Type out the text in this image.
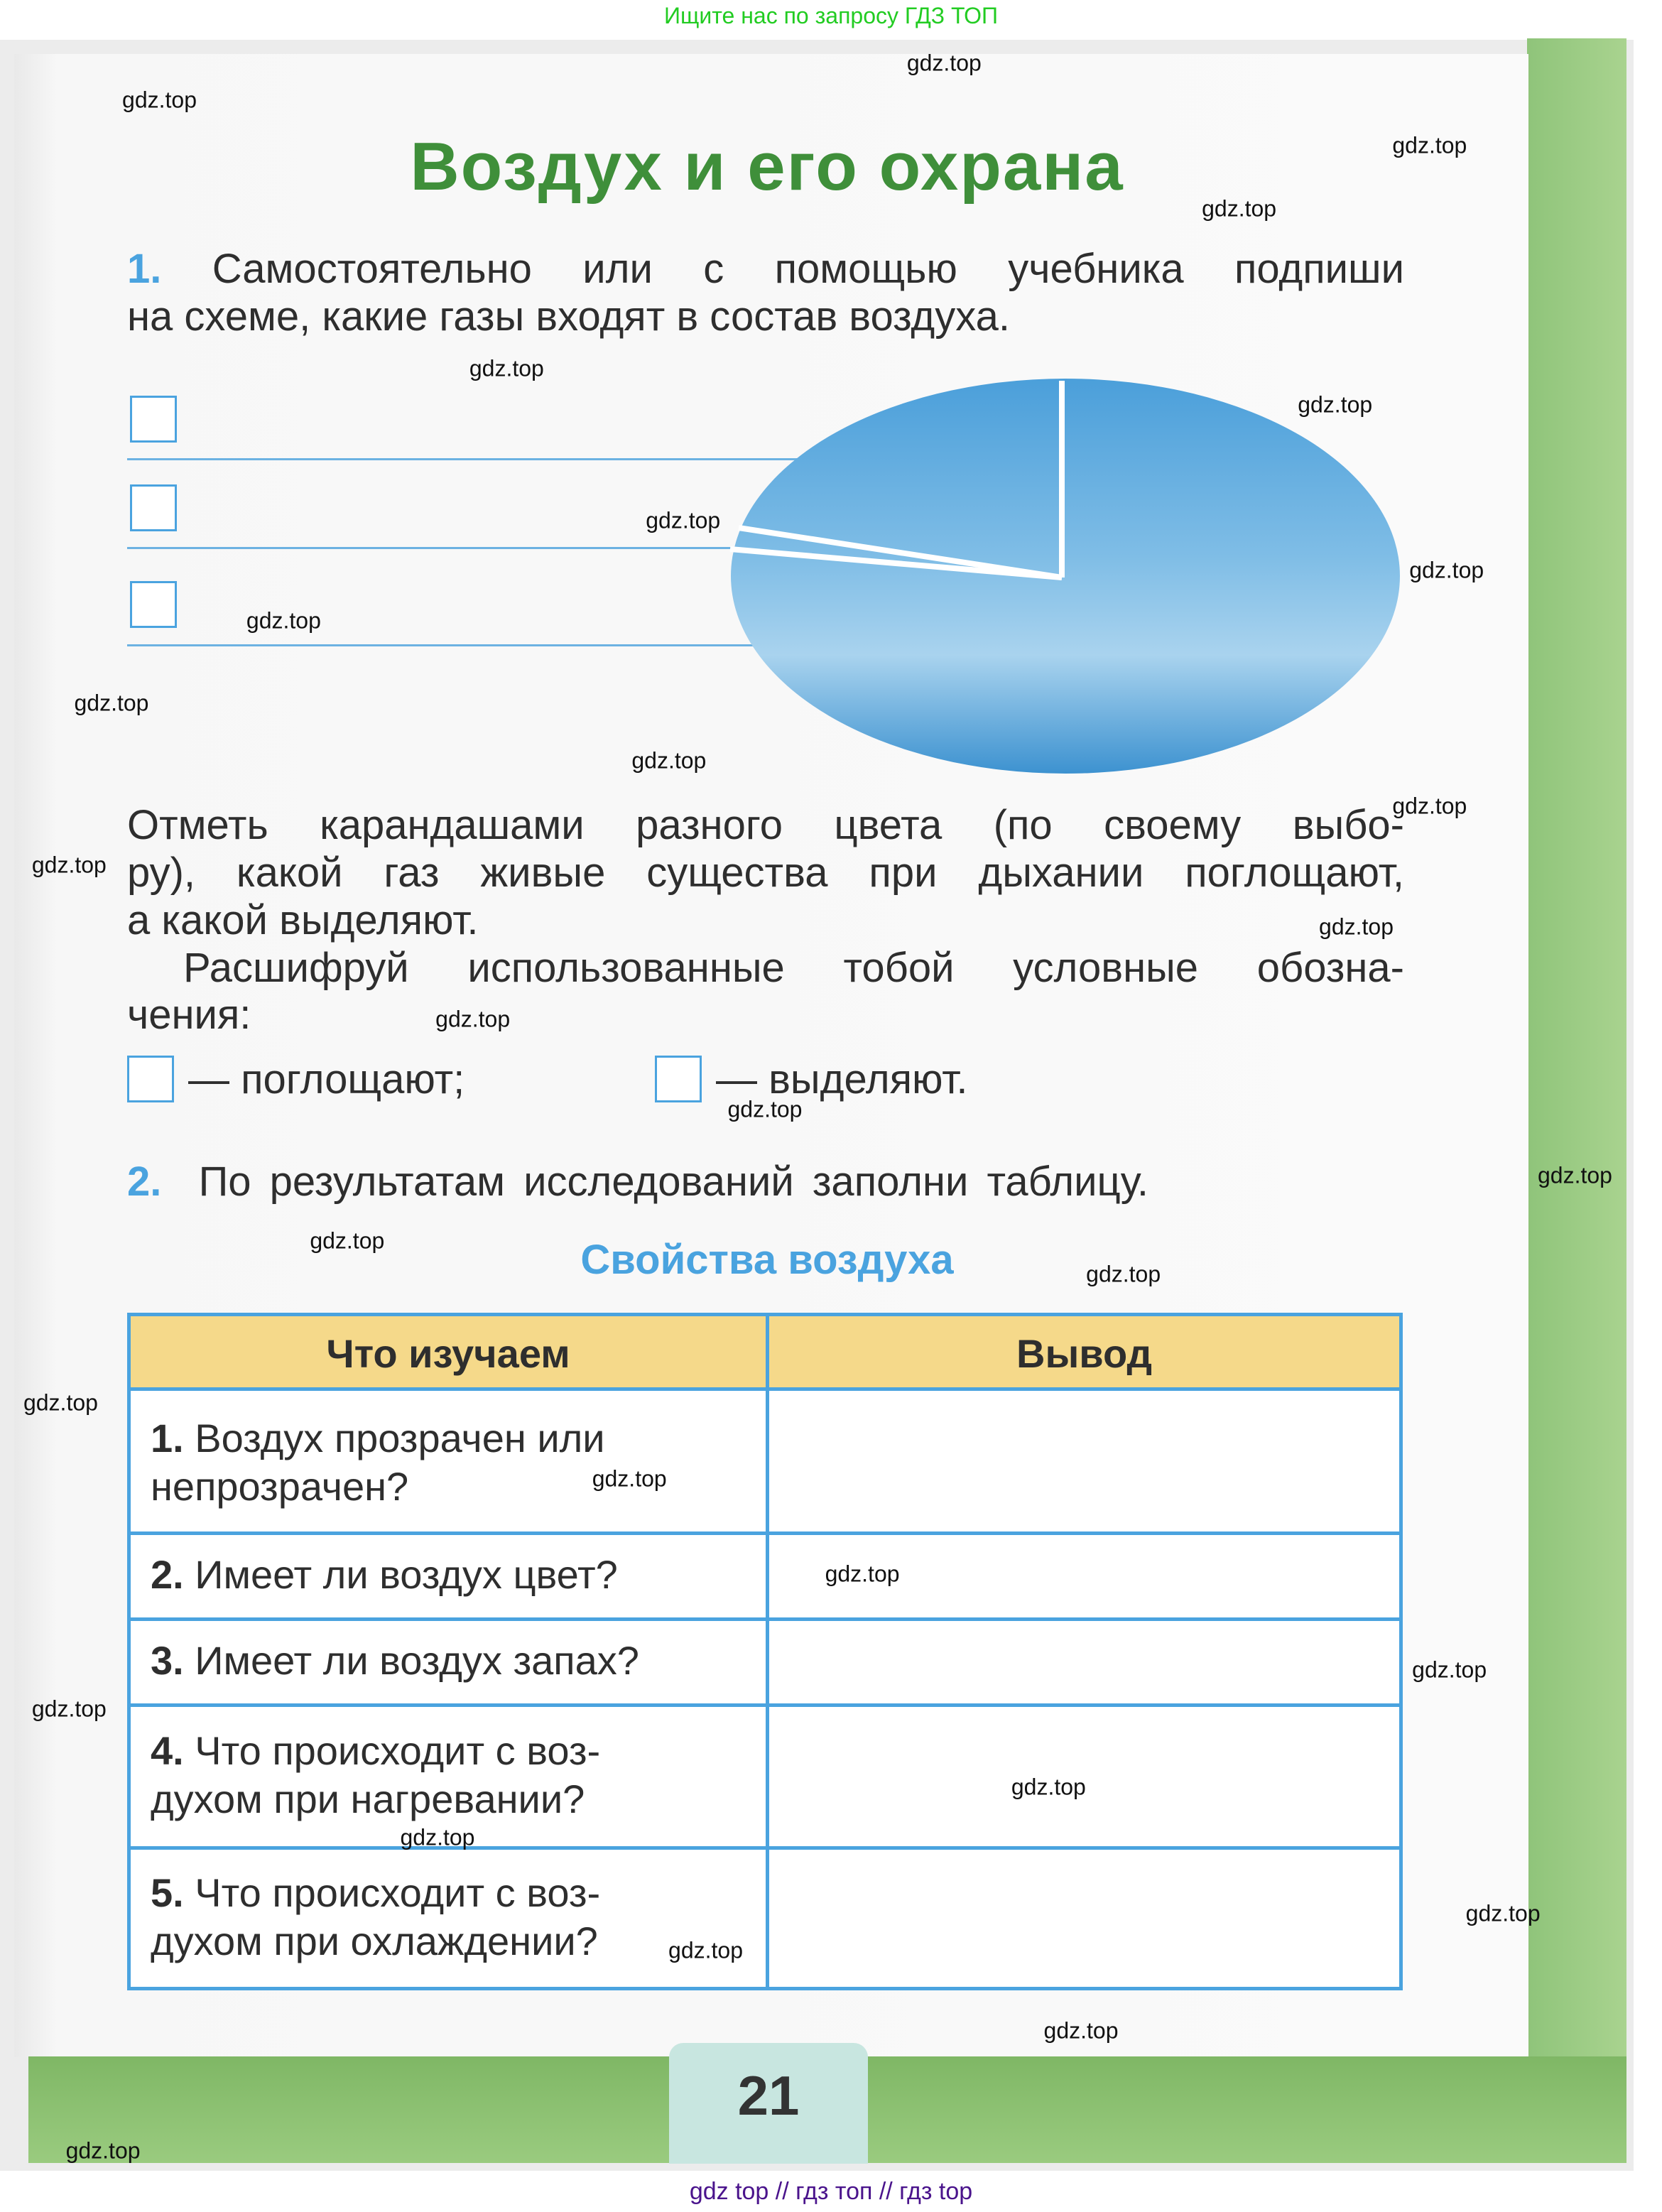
Ищите нас по запросу ГДЗ ТОП
21
Воздух и его охрана
1. Самостоятельно или с помощью учебника подпиши
на схеме, какие газы входят в состав воздуха.
Отметь карандашами разного цвета (по своему выбо-
ру), какой газ живые существа при дыхании поглощают,
а какой выделяют.
Расшифруй использованные тобой условные обозна-
чения:
— поглощают;	— выделяют.
2. По результатам исследований заполни таблицу.
Свойства воздуха
Что изучаем	Вывод
1. Воздух прозрачен или
непрозрачен?
2. Имеет ли воздух цвет?
3. Имеет ли воздух запах?
4. Что происходит с воз-
духом при нагревании?
5. Что происходит с воз-
духом при охлаждении?
gdz.top
gdz.top
gdz.top
gdz.top
gdz.top
gdz.top
gdz.top
gdz.top
gdz.top
gdz.top
gdz.top
gdz.top
gdz.top
gdz.top
gdz.top
gdz.top
gdz.top
gdz.top
gdz.top
gdz.top
gdz.top
gdz.top
gdz.top
gdz.top
gdz.top
gdz.top
gdz.top
gdz.top
gdz.top
gdz.top
gdz top // гдз топ // гдз top
